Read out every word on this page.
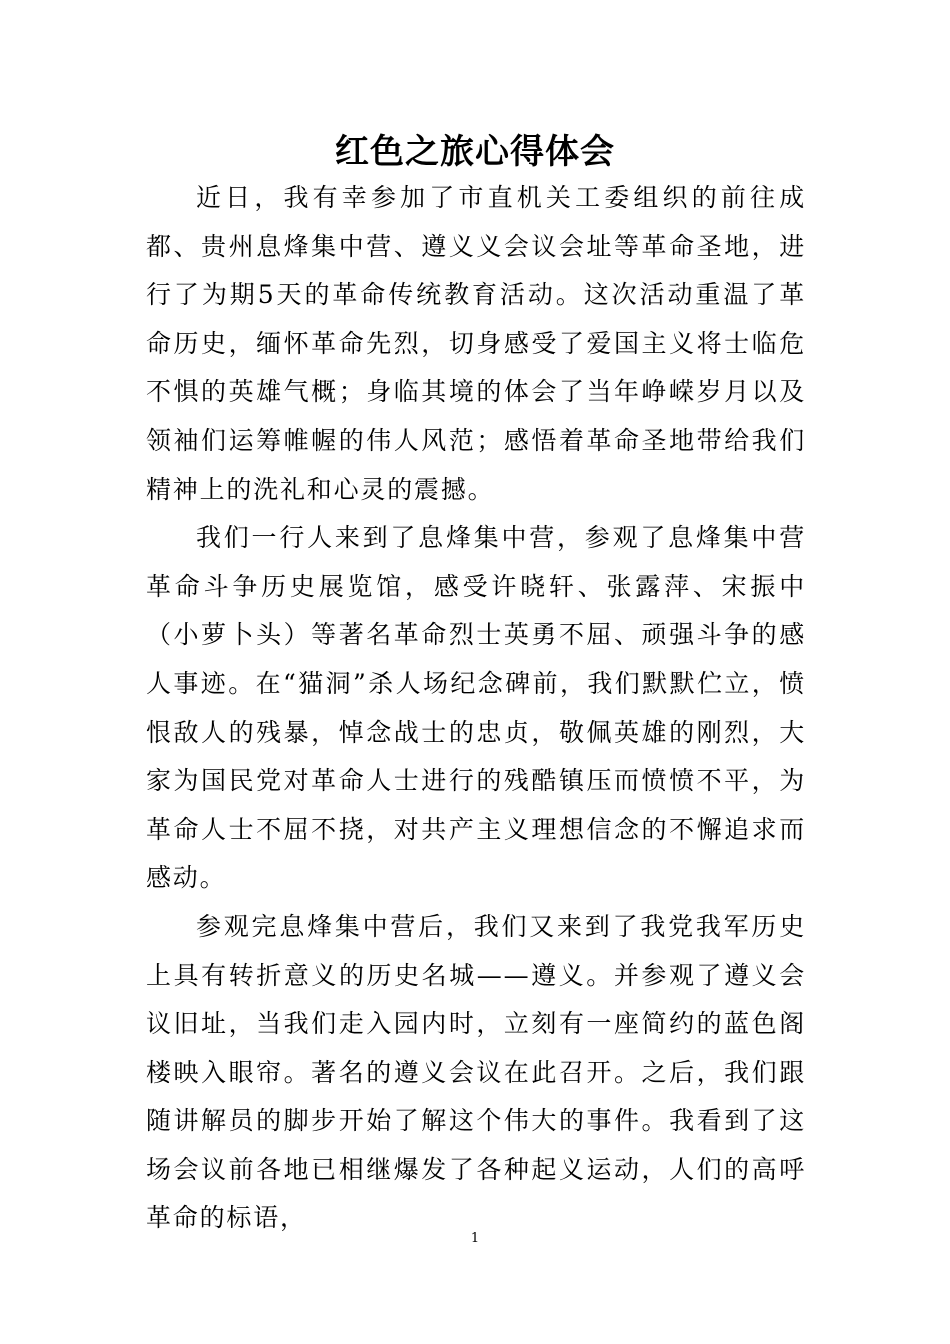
红色之旅心得体会

近日，我有幸参加了市直机关工委组织的前往成都、贵州息烽集中营、遵义义会议会址等革命圣地，进行了为期5天的革命传统教育活动。这次活动重温了革命历史，缅怀革命先烈，切身感受了爱国主义将士临危不惧的英雄气概；身临其境的体会了当年峥嵘岁月以及领袖们运筹帷幄的伟人风范；感悟着革命圣地带给我们精神上的洗礼和心灵的震撼。

我们一行人来到了息烽集中营，参观了息烽集中营革命斗争历史展览馆，感受许晓轩、张露萍、宋振中（小萝卜头）等著名革命烈士英勇不屈、顽强斗争的感人事迹。在“猫洞”杀人场纪念碑前，我们默默伫立，愤恨敌人的残暴，悼念战士的忠贞，敬佩英雄的刚烈，大家为国民党对革命人士进行的残酷镇压而愤愤不平，为革命人士不屈不挠，对共产主义理想信念的不懈追求而感动。

参观完息烽集中营后，我们又来到了我党我军历史上具有转折意义的历史名城——遵义。并参观了遵义会议旧址，当我们走入园内时，立刻有一座简约的蓝色阁楼映入眼帘。著名的遵义会议在此召开。之后，我们跟随讲解员的脚步开始了解这个伟大的事件。我看到了这场会议前各地已相继爆发了各种起义运动，人们的高呼革命的标语，

1
